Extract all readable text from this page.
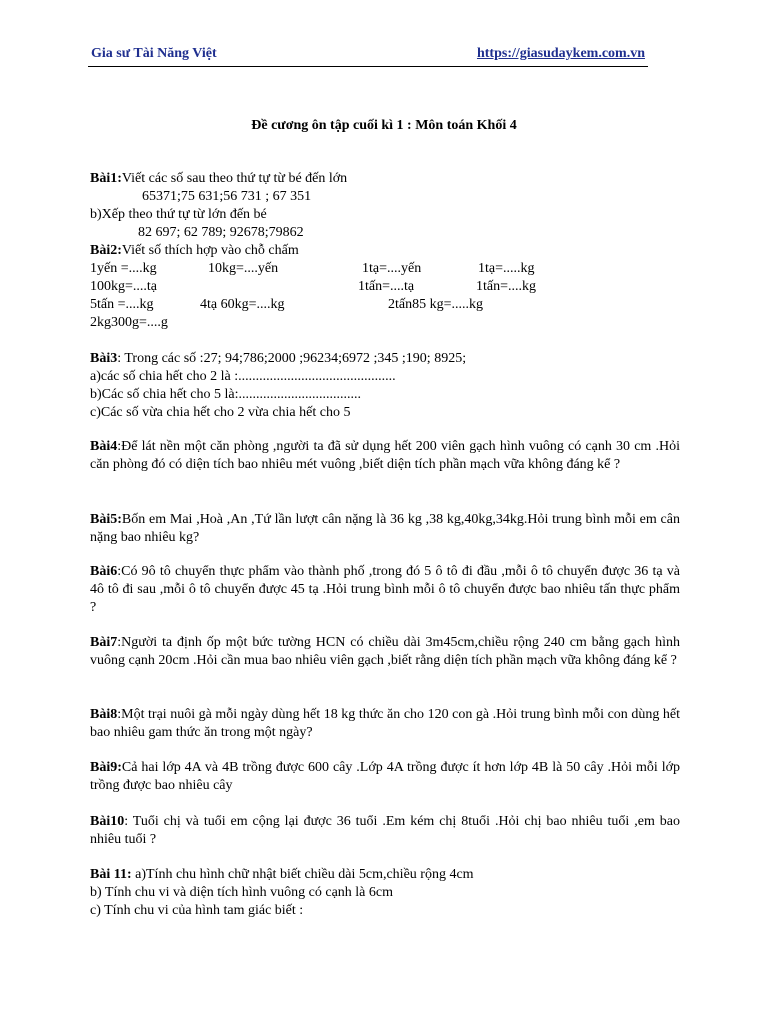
Gia sư Tài Năng Việt	https://giasudaykem.com.vn
Đề cương ôn tập cuối kì 1 : Môn toán Khối 4
Bài1:Viết các số sau theo thứ tự từ bé đến lớn
65371;75 631;56 731 ; 67 351
b)Xếp theo thứ tự từ lớn đến bé
82 697; 62 789; 92678;79862
Bài2:Viết số thích hợp vào chỗ chấm
1yến =....kg	10kg=....yến	1tạ=....yến	1tạ=.....kg
100kg=....tạ	1tấn=....tạ	1tấn=....kg
5tấn =....kg	4tạ 60kg=....kg	2tấn85 kg=.....kg
2kg300g=....g
Bài3: Trong các số :27; 94;786;2000 ;96234;6972 ;345 ;190; 8925;
a)các số chia hết cho 2 là :.............................................
b)Các số chia hết cho 5 là:...................................
c)Các số vừa chia hết cho 2 vừa chia hết cho 5
Bài4:Để lát nền một căn phòng ,người ta đã sử dụng hết 200 viên gạch hình vuông có cạnh 30 cm .Hỏi căn phòng đó có diện tích bao nhiêu mét vuông ,biết diện tích phần mạch vữa không đáng kể ?
Bài5:Bốn em Mai ,Hoà ,An ,Tứ lần lượt cân nặng là 36 kg ,38 kg,40kg,34kg.Hỏi trung bình mỗi em cân nặng bao nhiêu kg?
Bài6:Có 9ô tô chuyển thực phẩm vào thành phố ,trong đó 5 ô tô đi đầu ,mỗi ô tô chuyển được 36 tạ và 4ô tô đi sau ,mỗi ô tô chuyển được 45 tạ .Hỏi trung bình mỗi ô tô chuyển được bao nhiêu tấn thực phẩm ?
Bài7:Người ta định ốp một bức tường HCN có chiều dài 3m45cm,chiều rộng 240 cm bằng gạch hình vuông cạnh 20cm .Hỏi cần mua bao nhiêu viên gạch ,biết rằng diện tích phần mạch vữa không đáng kể ?
Bài8:Một trại nuôi gà mỗi ngày dùng hết 18 kg thức ăn cho 120 con gà .Hỏi trung bình mỗi con dùng hết bao nhiêu gam thức ăn trong một ngày?
Bài9:Cả hai lớp 4A và 4B trồng được 600 cây .Lớp 4A trồng được ít hơn lớp 4B là 50 cây .Hỏi mỗi lớp trồng được bao nhiêu cây
Bài10: Tuổi chị và tuổi em cộng lại được 36 tuổi .Em kém chị 8tuổi .Hỏi chị bao nhiêu tuổi ,em bao nhiêu tuổi ?
Bài 11: a)Tính chu hình chữ nhật biết chiều dài 5cm,chiều rộng 4cm
b) Tính chu vi và diện tích hình vuông có cạnh là 6cm
c) Tính chu vi của hình tam giác biết :
